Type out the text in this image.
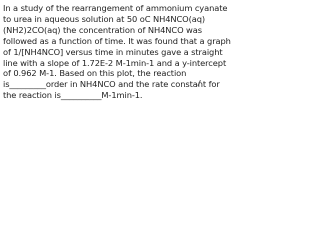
In a study of the rearrangement of ammonium cyanate to urea in aqueous solution at 50 oC NH4NCO(aq) (NH2)2CO(aq) the concentration of NH4NCO was followed as a function of time. It was found that a graph of 1/[NH4NCO] versus time in minutes gave a straight line with a slope of 1.72E-2 M-1min-1 and a y-intercept of 0.962 M-1. Based on this plot, the reaction is_________order in NH4NCO and the rate constant for the reaction is__________M-1min-1.
